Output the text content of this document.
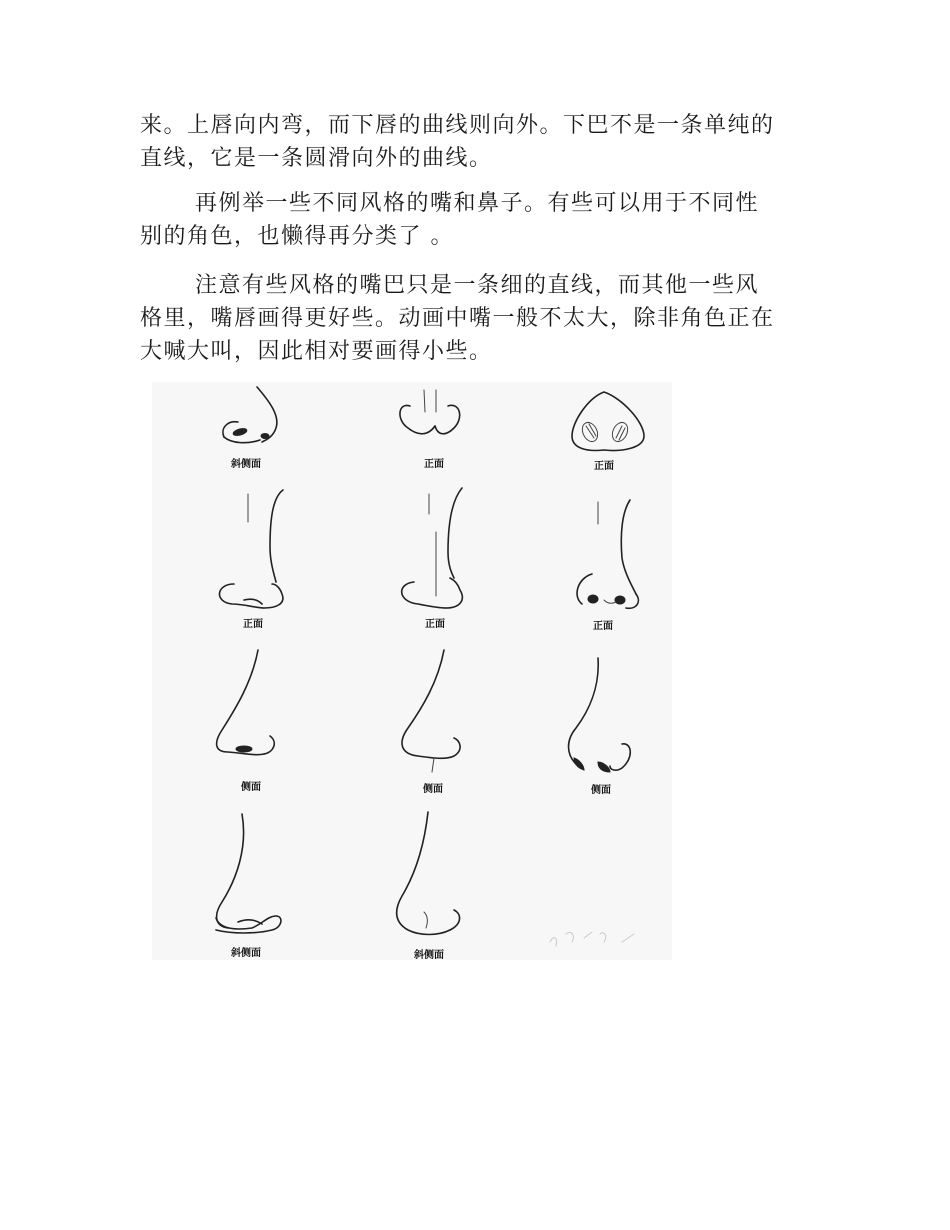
来。上唇向内弯，而下唇的曲线则向外。下巴不是一条单纯的
直线，它是一条圆滑向外的曲线。
再例举一些不同风格的嘴和鼻子。有些可以用于不同性
别的角色，也懒得再分类了 。
注意有些风格的嘴巴只是一条细的直线，而其他一些风
格里，嘴唇画得更好些。动画中嘴一般不太大，除非角色正在
大喊大叫，因此相对要画得小些。
斜侧面	正面	正面
正面	正面	正面
侧面	侧面	侧面
斜侧面	斜侧面
